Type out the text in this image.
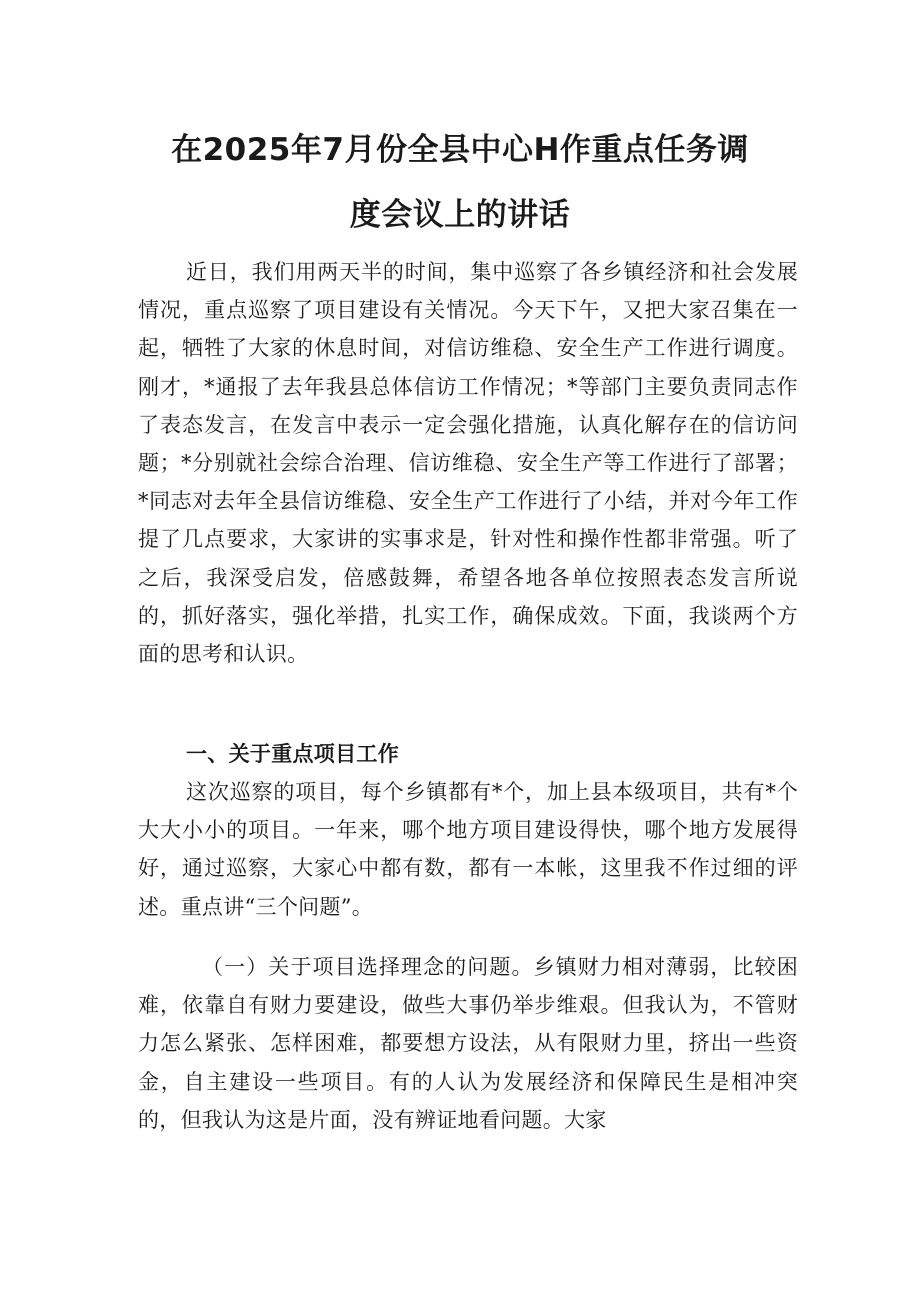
在2025年7月份全县中心H作重点任务调
度会议上的讲话

近日，我们用两天半的时间，集中巡察了各乡镇经济和社会发展情况，重点巡察了项目建设有关情况。今天下午，又把大家召集在一起，牺牲了大家的休息时间，对信访维稳、安全生产工作进行调度。刚才，*通报了去年我县总体信访工作情况；*等部门主要负责同志作了表态发言，在发言中表示一定会强化措施，认真化解存在的信访问题；*分别就社会综合治理、信访维稳、安全生产等工作进行了部署；*同志对去年全县信访维稳、安全生产工作进行了小结，并对今年工作提了几点要求，大家讲的实事求是，针对性和操作性都非常强。听了之后，我深受启发，倍感鼓舞，希望各地各单位按照表态发言所说的，抓好落实，强化举措，扎实工作，确保成效。下面，我谈两个方面的思考和认识。

一、关于重点项目工作

这次巡察的项目，每个乡镇都有*个，加上县本级项目，共有*个大大小小的项目。一年来，哪个地方项目建设得快，哪个地方发展得好，通过巡察，大家心中都有数，都有一本帐，这里我不作过细的评述。重点讲“三个问题”。

（一）关于项目选择理念的问题。乡镇财力相对薄弱，比较困难，依靠自有财力要建设，做些大事仍举步维艰。但我认为，不管财力怎么紧张、怎样困难，都要想方设法，从有限财力里，挤出一些资金，自主建设一些项目。有的人认为发展经济和保障民生是相冲突的，但我认为这是片面，没有辨证地看问题。大家
